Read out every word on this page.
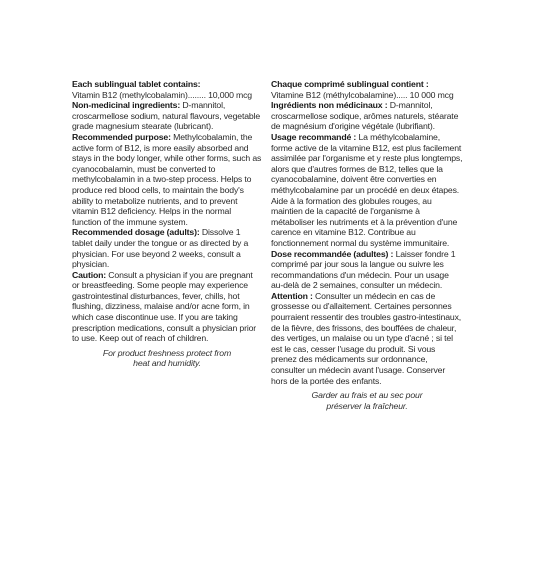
Each sublingual tablet contains:

Vitamin B12 (methylcobalamin)........ 10,000 mcg

Non-medicinal ingredients: D-mannitol, croscarmellose sodium, natural flavours, vegetable grade magnesium stearate (lubricant).

Recommended purpose: Methylcobalamin, the active form of B12, is more easily absorbed and stays in the body longer, while other forms, such as cyanocobalamin, must be converted to methylcobalamin in a two-step process. Helps to produce red blood cells, to maintain the body's ability to metabolize nutrients, and to prevent vitamin B12 deficiency. Helps in the normal function of the immune system.

Recommended dosage (adults): Dissolve 1 tablet daily under the tongue or as directed by a physician. For use beyond 2 weeks, consult a physician.

Caution: Consult a physician if you are pregnant or breastfeeding. Some people may experience gastrointestinal disturbances, fever, chills, hot flushing, dizziness, malaise and/or acne form, in which case discontinue use. If you are taking prescription medications, consult a physician prior to use. Keep out of reach of children.

For product freshness protect from heat and humidity.

Chaque comprimé sublingual contient :

Vitamine B12 (méthylcobalamine)..... 10 000 mcg

Ingrédients non médicinaux : D-mannitol, croscarmellose sodique, arômes naturels, stéarate de magnésium d'origine végétale (lubrifiant).

Usage recommandé : La méthylcobalamine, forme active de la vitamine B12, est plus facilement assimilée par l'organisme et y reste plus longtemps, alors que d'autres formes de B12, telles que la cyanocobalamine, doivent être converties en méthylcobalamine par un procédé en deux étapes. Aide à la formation des globules rouges, au maintien de la capacité de l'organisme à métaboliser les nutriments et à la prévention d'une carence en vitamine B12. Contribue au fonctionnement normal du système immunitaire.

Dose recommandée (adultes) : Laisser fondre 1 comprimé par jour sous la langue ou suivre les recommandations d'un médecin. Pour un usage au-delà de 2 semaines, consulter un médecin.

Attention : Consulter un médecin en cas de grossesse ou d'allaitement. Certaines personnes pourraient ressentir des troubles gastro-intestinaux, de la fièvre, des frissons, des bouffées de chaleur, des vertiges, un malaise ou un type d'acné ; si tel est le cas, cesser l'usage du produit. Si vous prenez des médicaments sur ordonnance, consulter un médecin avant l'usage. Conserver hors de la portée des enfants.

Garder au frais et au sec pour préserver la fraîcheur.
